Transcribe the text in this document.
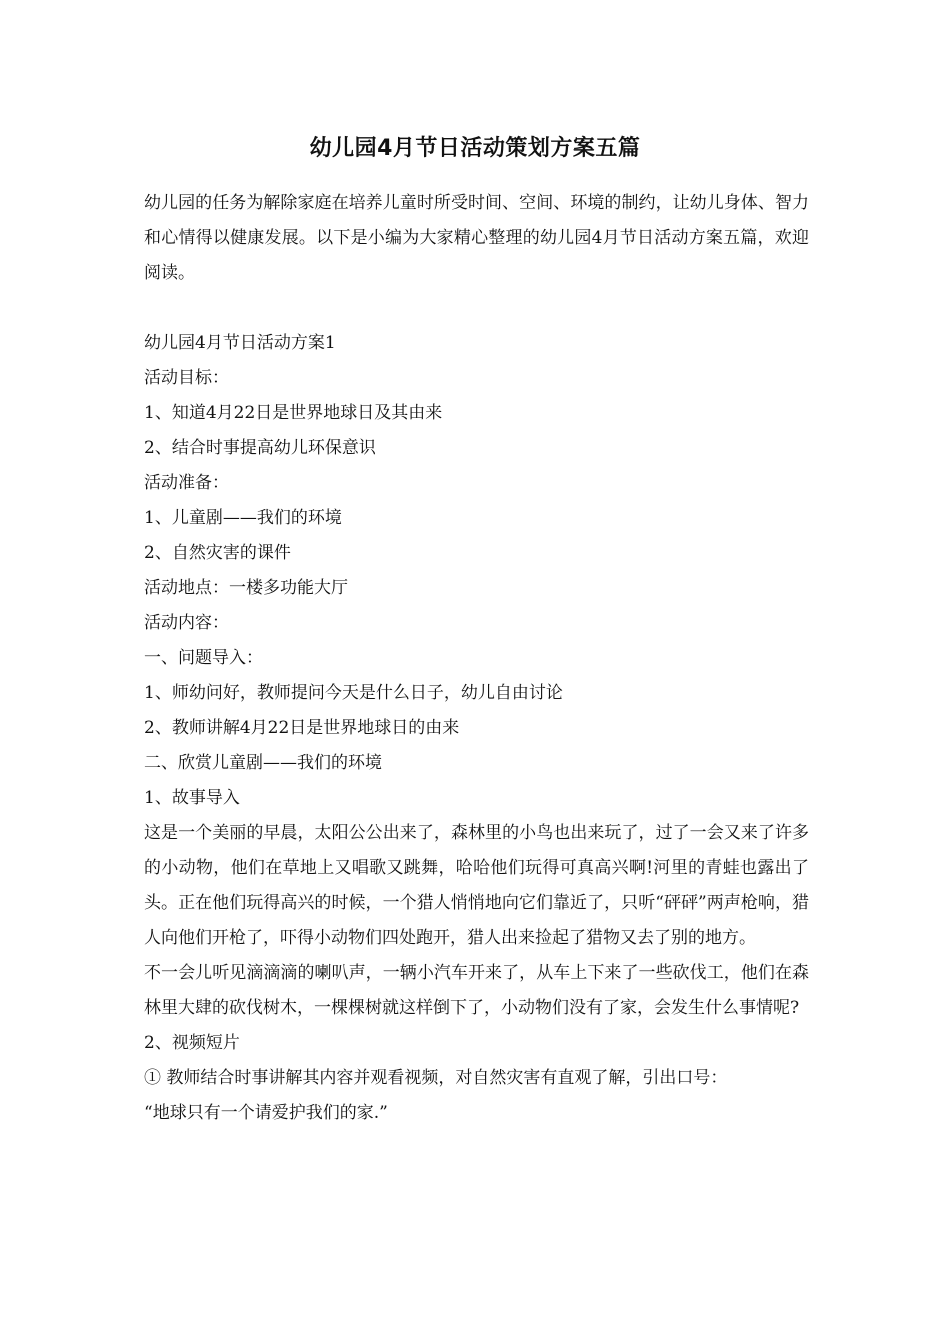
幼儿园4月节日活动策划方案五篇

幼儿园的任务为解除家庭在培养儿童时所受时间、空间、环境的制约，让幼儿身体、智力和心情得以健康发展。以下是小编为大家精心整理的幼儿园4月节日活动方案五篇，欢迎阅读。

幼儿园4月节日活动方案1

活动目标：

1、知道4月22日是世界地球日及其由来

2、结合时事提高幼儿环保意识

活动准备：

1、儿童剧——我们的环境

2、自然灾害的课件

活动地点：一楼多功能大厅

活动内容：

一、问题导入：

1、师幼问好，教师提问今天是什么日子，幼儿自由讨论

2、教师讲解4月22日是世界地球日的由来

二、欣赏儿童剧——我们的环境

1、故事导入

这是一个美丽的早晨，太阳公公出来了，森林里的小鸟也出来玩了，过了一会又来了许多的小动物，他们在草地上又唱歌又跳舞，哈哈他们玩得可真高兴啊!河里的青蛙也露出了头。正在他们玩得高兴的时候，一个猎人悄悄地向它们靠近了，只听“砰砰”两声枪响，猎人向他们开枪了，吓得小动物们四处跑开，猎人出来捡起了猎物又去了别的地方。

不一会儿听见滴滴滴的喇叭声，一辆小汽车开来了，从车上下来了一些砍伐工，他们在森林里大肆的砍伐树木，一棵棵树就这样倒下了，小动物们没有了家，会发生什么事情呢?

2、视频短片

① 教师结合时事讲解其内容并观看视频，对自然灾害有直观了解，引出口号：

“地球只有一个请爱护我们的家.”
